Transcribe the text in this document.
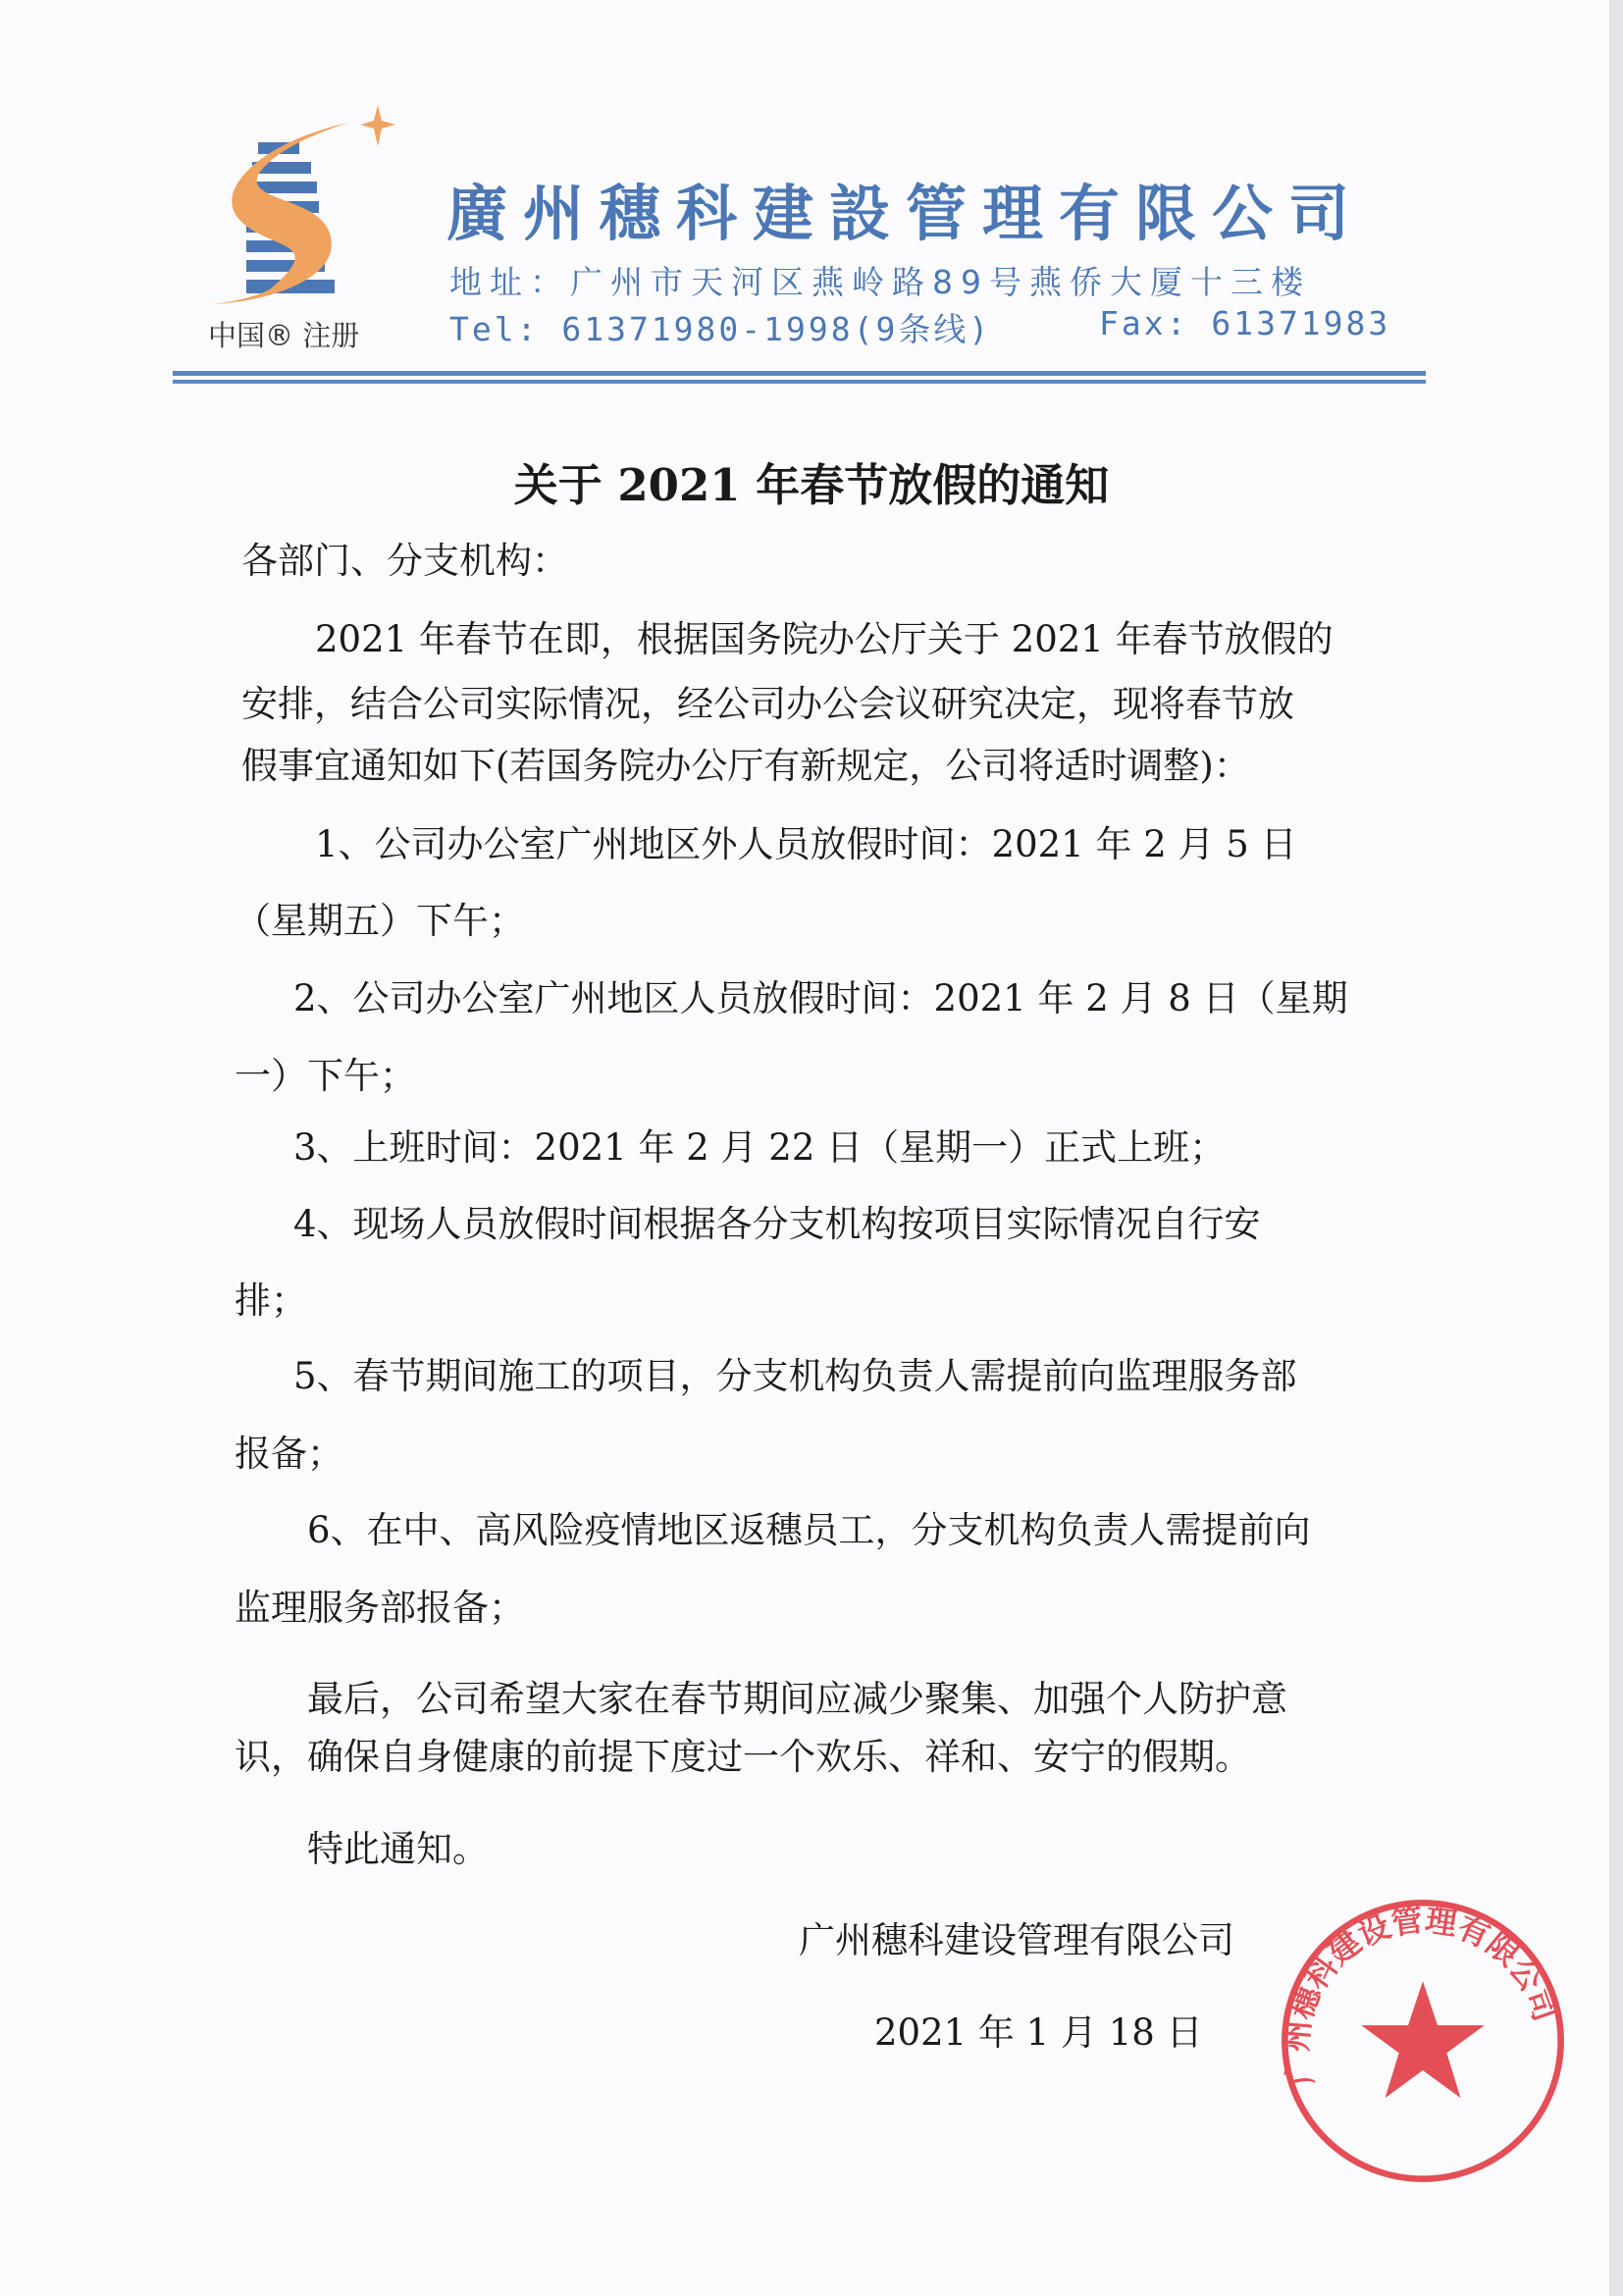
中国® 注册
廣州穗科建設管理有限公司
地址：广州市天河区燕岭路89号燕侨大厦十三楼
Tel: 61371980-1998(9条线)	Fax: 61371983
关于 2021 年春节放假的通知
各部门、分支机构：
2021 年春节在即，根据国务院办公厅关于 2021 年春节放假的
安排，结合公司实际情况，经公司办公会议研究决定，现将春节放
假事宜通知如下(若国务院办公厅有新规定，公司将适时调整)：
1、公司办公室广州地区外人员放假时间：2021 年 2 月 5 日
（星期五）下午；
2、公司办公室广州地区人员放假时间：2021 年 2 月 8 日（星期
一）下午；
3、上班时间：2021 年 2 月 22 日（星期一）正式上班；
4、现场人员放假时间根据各分支机构按项目实际情况自行安
排；
5、春节期间施工的项目，分支机构负责人需提前向监理服务部
报备；
6、在中、高风险疫情地区返穗员工，分支机构负责人需提前向
监理服务部报备；
最后，公司希望大家在春节期间应减少聚集、加强个人防护意
识，确保自身健康的前提下度过一个欢乐、祥和、安宁的假期。
特此通知。
广州穗科建设管理有限公司
2021 年 1 月 18 日
广州穗科建设管理有限公司
